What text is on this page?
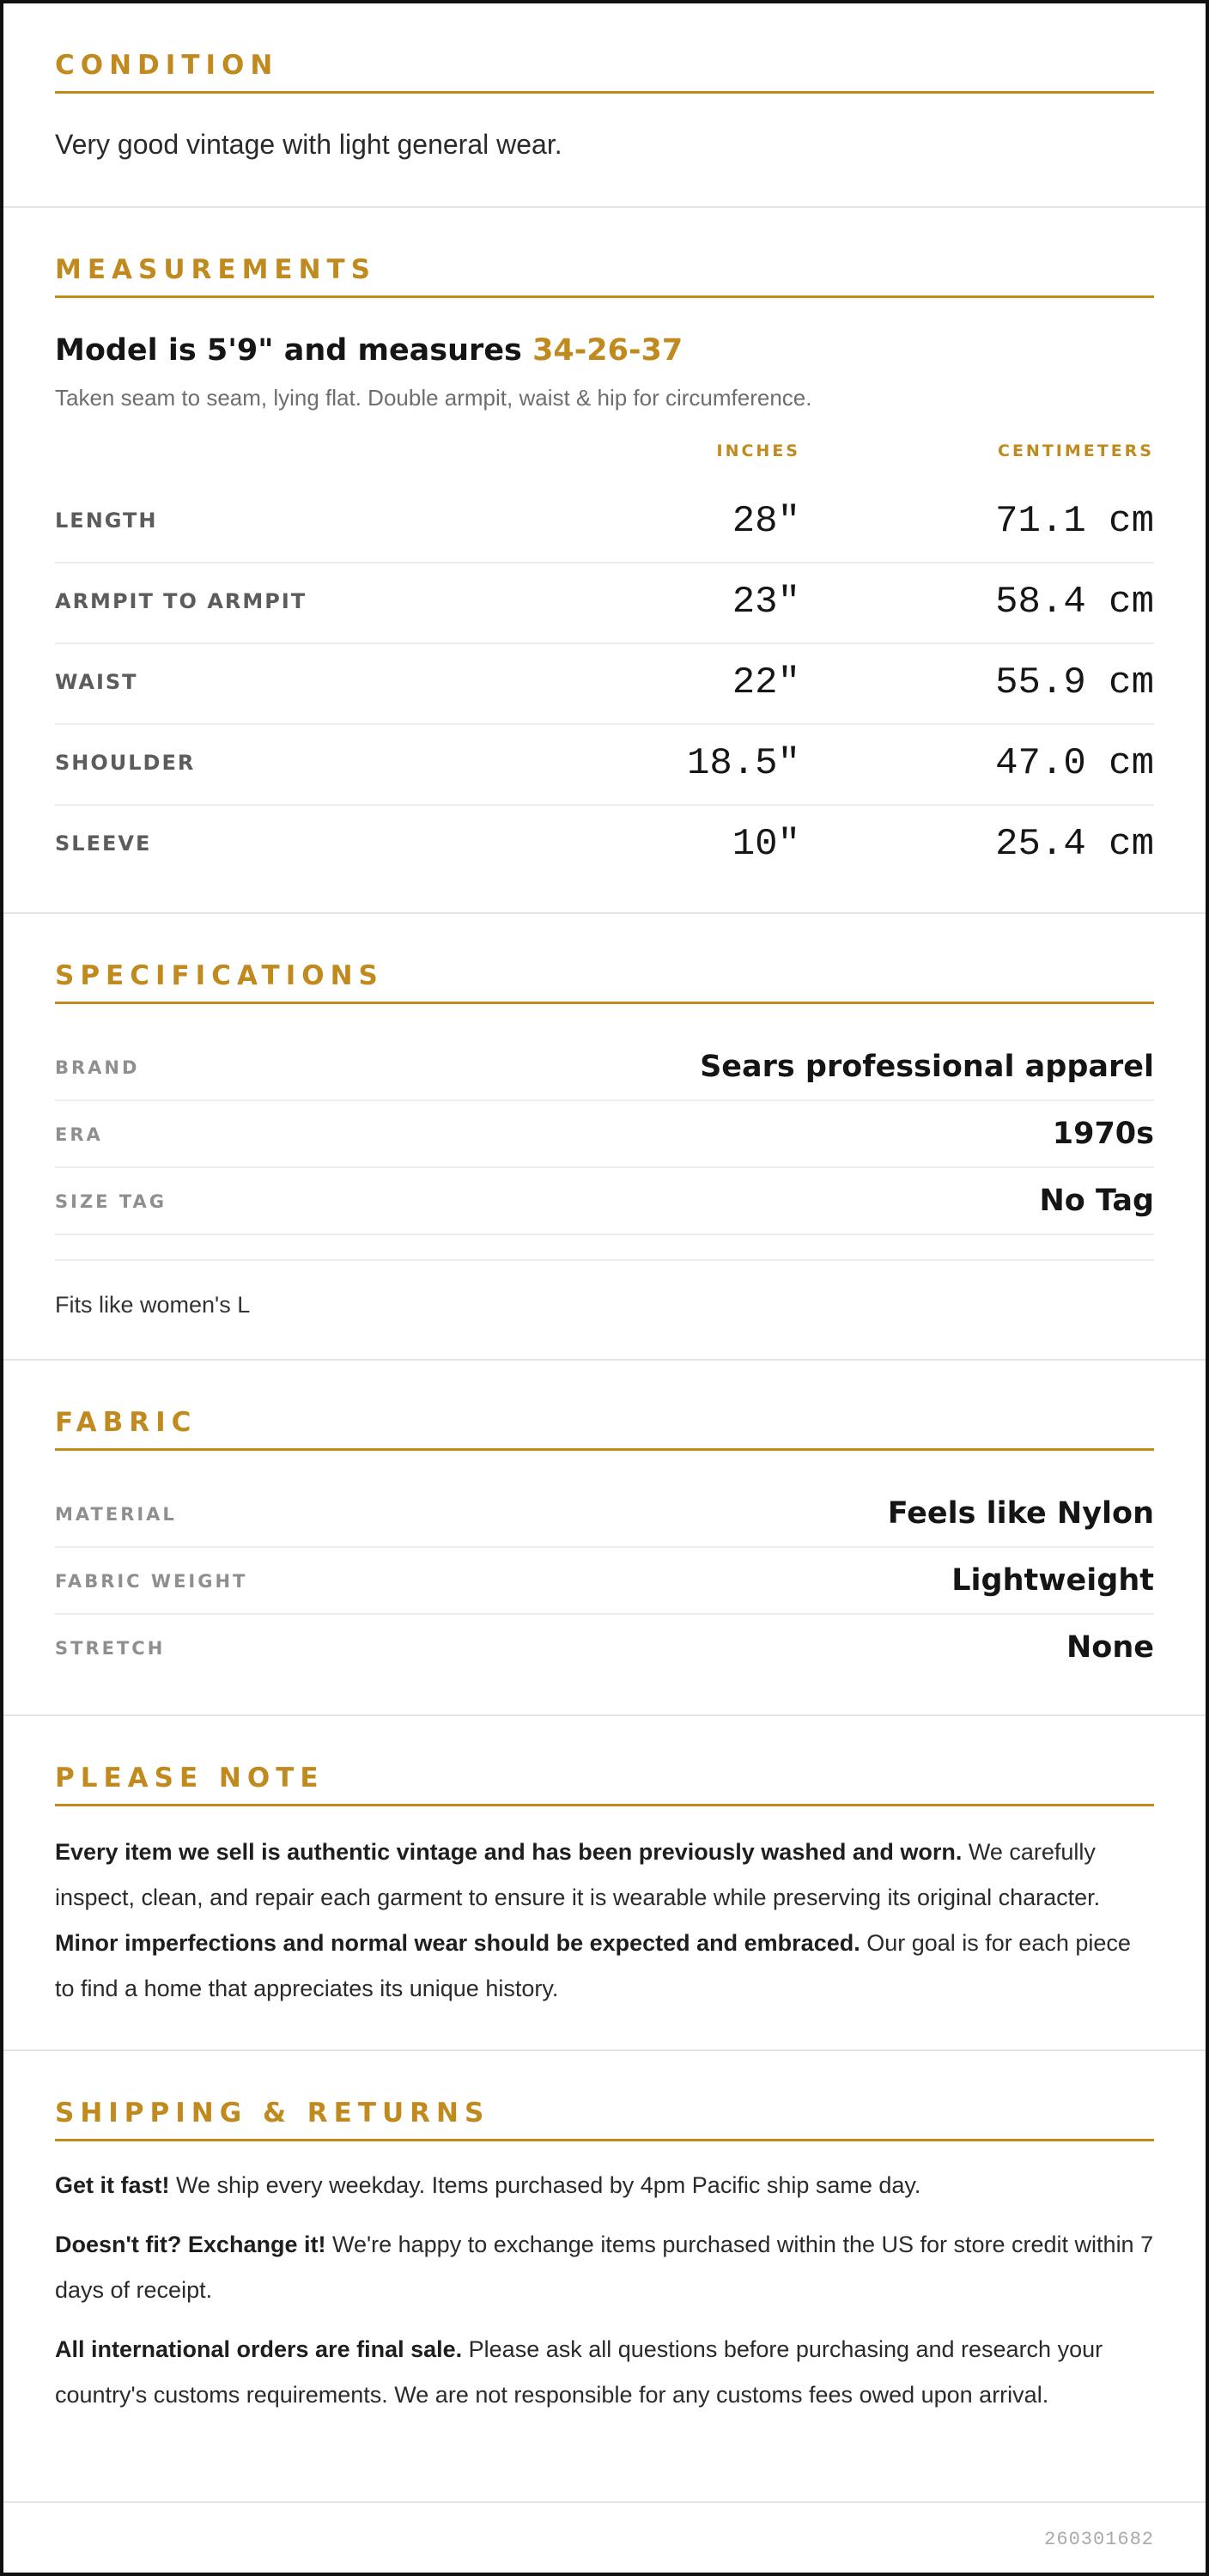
CONDITION
Very good vintage with light general wear.
MEASUREMENTS
Model is 5'9" and measures 34-26-37
Taken seam to seam, lying flat. Double armpit, waist & hip for circumference.
INCHES	CENTIMETERS
LENGTH	28"	71.1 cm
ARMPIT TO ARMPIT	23"	58.4 cm
WAIST	22"	55.9 cm
SHOULDER	18.5"	47.0 cm
SLEEVE	10"	25.4 cm
SPECIFICATIONS
BRAND	Sears professional apparel
ERA	1970s
SIZE TAG	No Tag
Fits like women's L
FABRIC
MATERIAL	Feels like Nylon
FABRIC WEIGHT	Lightweight
STRETCH	None
PLEASE NOTE
Every item we sell is authentic vintage and has been previously washed and worn. We carefully inspect, clean, and repair each garment to ensure it is wearable while preserving its original character. Minor imperfections and normal wear should be expected and embraced. Our goal is for each piece to find a home that appreciates its unique history.
SHIPPING & RETURNS
Get it fast! We ship every weekday. Items purchased by 4pm Pacific ship same day.
Doesn't fit? Exchange it! We're happy to exchange items purchased within the US for store credit within 7 days of receipt.
All international orders are final sale. Please ask all questions before purchasing and research your country's customs requirements. We are not responsible for any customs fees owed upon arrival.
260301682
